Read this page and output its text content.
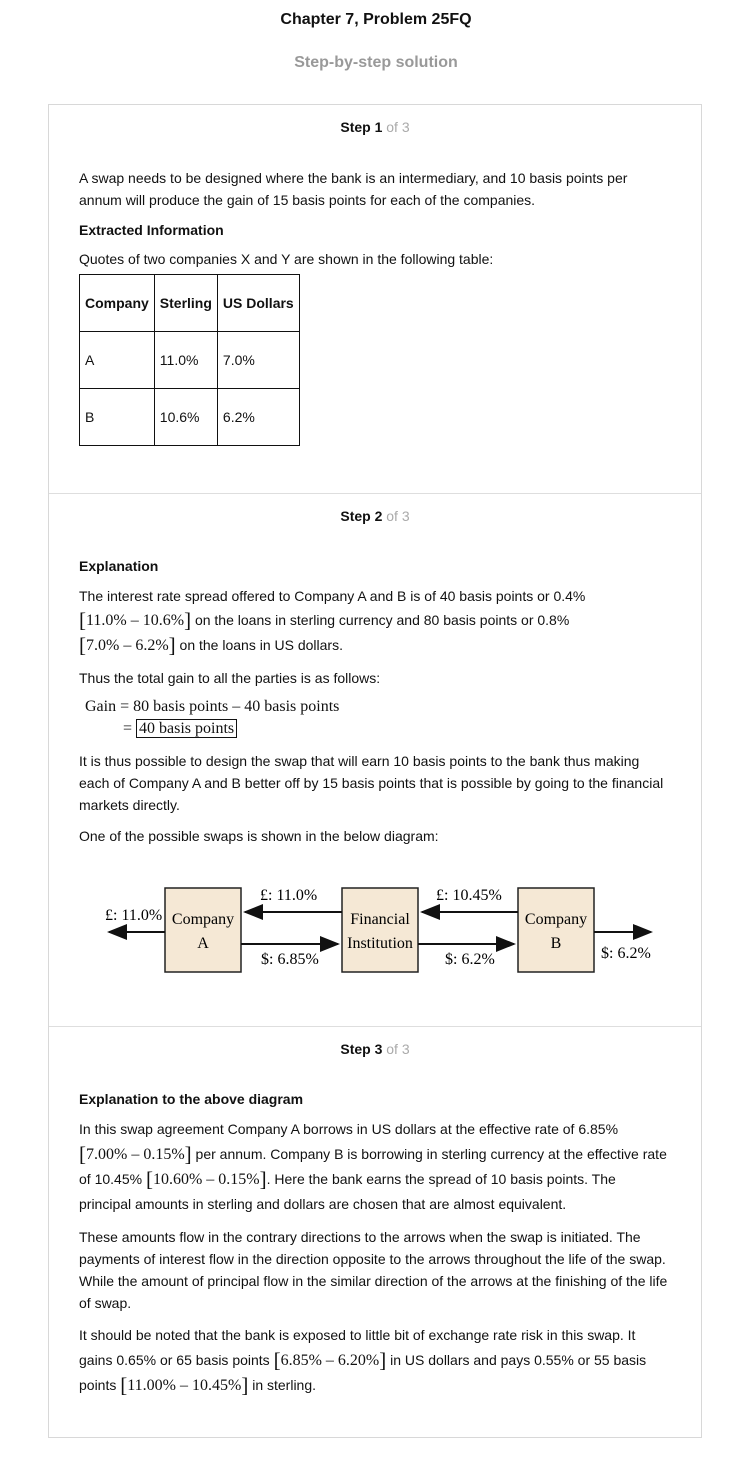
Chapter 7, Problem 25FQ
Step-by-step solution
Step 1 of 3

A swap needs to be designed where the bank is an intermediary, and 10 basis points per annum will produce the gain of 15 basis points for each of the companies.

Extracted Information

Quotes of two companies X and Y are shown in the following table:

Company	Sterling	US Dollars
A	11.0%	7.0%
B	10.6%	6.2%
Step 2 of 3
Explanation

The interest rate spread offered to Company A and B is of 40 basis points or 0.4%
[11.0% – 10.6%] on the loans in sterling currency and 80 basis points or 0.8%
[7.0% – 6.2%] on the loans in US dollars.

Thus the total gain to all the parties is as follows:

Gain = 80 basis points – 40 basis points
= 40 basis points

It is thus possible to design the swap that will earn 10 basis points to the bank thus making each of Company A and B better off by 15 basis points that is possible by going to the financial markets directly.

One of the possible swaps is shown in the below diagram:

Company
A
Financial
Institution
Company
B
£: 11.0%
£: 11.0%
$: 6.85%
£: 10.45%
$: 6.2%	$: 6.2%
Step 3 of 3
Explanation to the above diagram

In this swap agreement Company A borrows in US dollars at the effective rate of 6.85%
[7.00% – 0.15%] per annum. Company B is borrowing in sterling currency at the effective rate of 10.45% [10.60% – 0.15%]. Here the bank earns the spread of 10 basis points. The principal amounts in sterling and dollars are chosen that are almost equivalent.

These amounts flow in the contrary directions to the arrows when the swap is initiated. The payments of interest flow in the direction opposite to the arrows throughout the life of the swap. While the amount of principal flow in the similar direction of the arrows at the finishing of the life of swap.

It should be noted that the bank is exposed to little bit of exchange rate risk in this swap. It gains 0.65% or 65 basis points [6.85% – 6.20%] in US dollars and pays 0.55% or 55 basis points [11.00% – 10.45%] in sterling.
